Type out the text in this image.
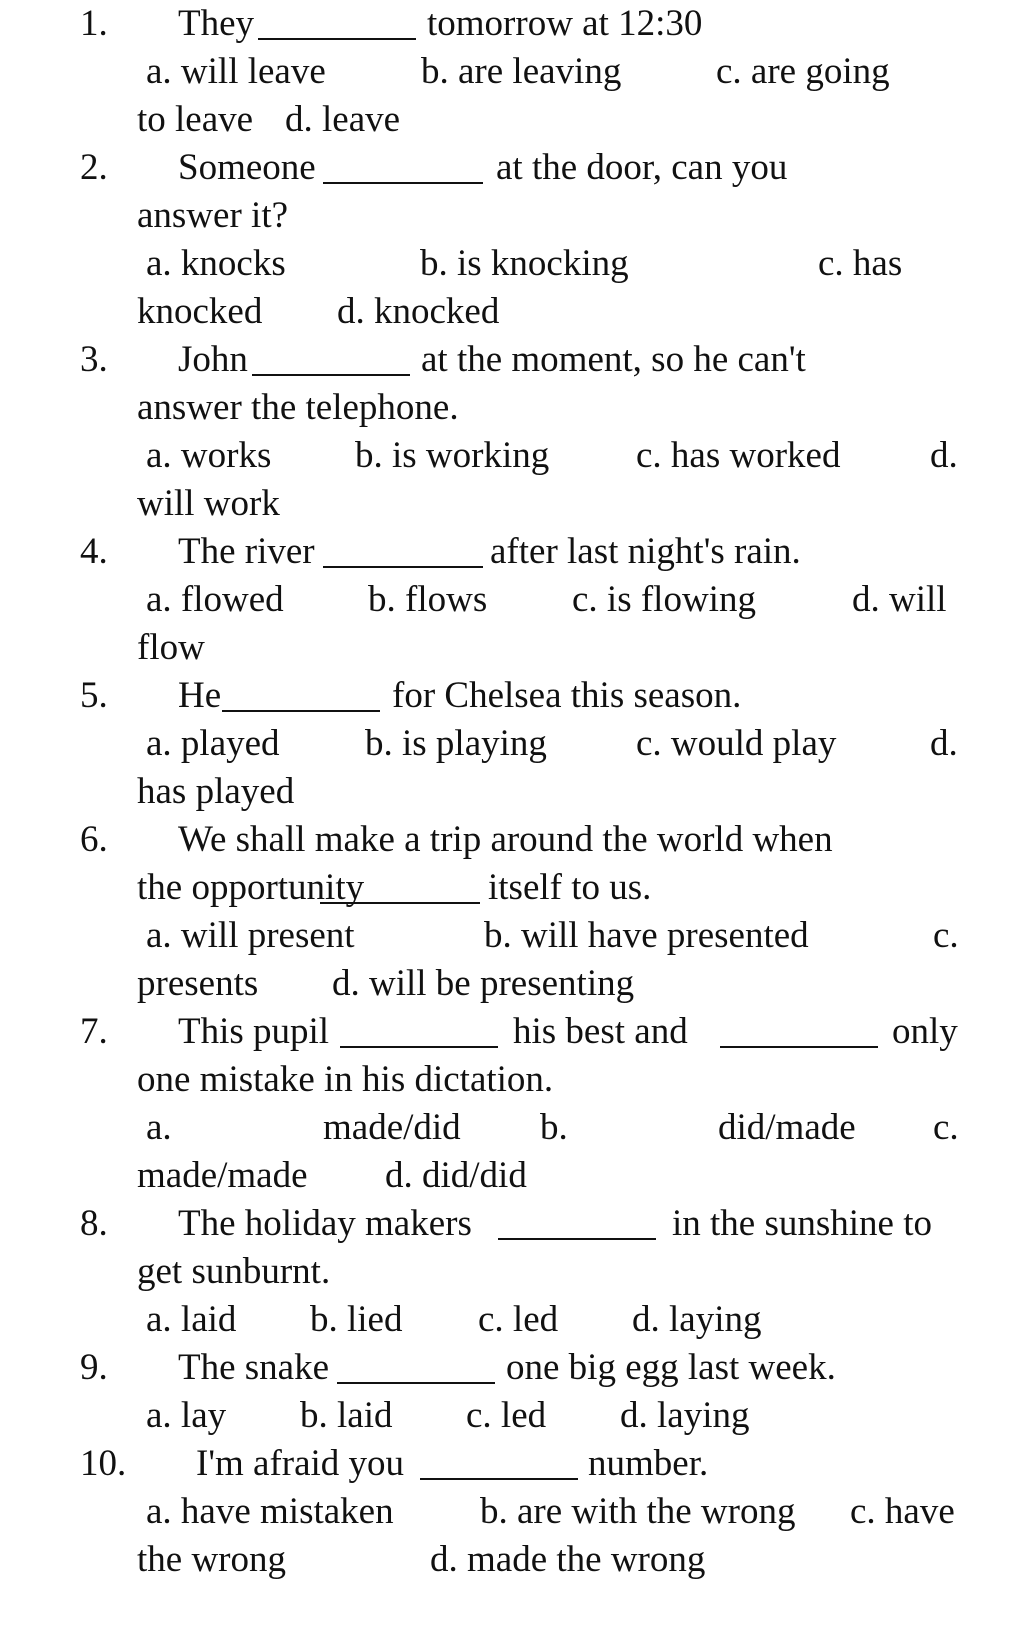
1. They	tomorrow at 12:30
a. will leave	b. are leaving	c. are going
to leave d. leave
2. Someone	at the door, can you
answer it?
a. knocks	b. is knocking	c. has
knocked d. knocked
3. John	at the moment, so he can't
answer the telephone.
a. works b. is working c. has worked d.
will work
4. The river	after last night's rain.
a. flowed b. flows c. is flowing	d. will
flow
5. He	for Chelsea this season.
a. played b. is playing c. would play	d.
has played
6. We shall make a trip around the world when
the opportunity	itself to us.
a. will present	b. will have presented	c.
presents d. will be presenting
7. This pupil	his best and	only
one mistake in his dictation.
a.	made/did b.	did/made c.
made/made d. did/did
8. The holiday makers	in the sunshine to
get sunburnt.
a. laid b. lied c. led d. laying
9. The snake	one big egg last week.
a. lay b. laid c. led d. laying
10. I'm afraid you	number.
a. have mistaken b. are with the wrong c. have
the wrong	d. made the wrong
